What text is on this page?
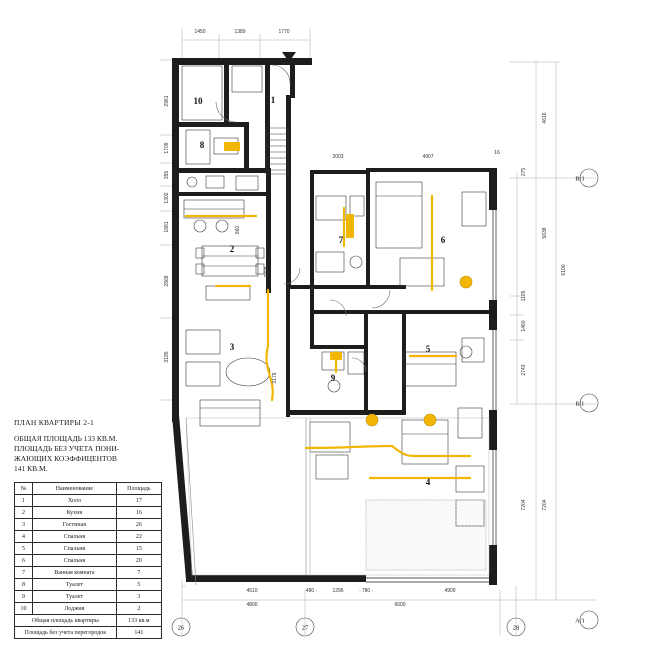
1
2
3
4
5
6
7
8
9
10
1450	1389	1770
2003	4907
16
4510	480	1296	780	4909
4800	6600
2961
1709
355
1302
1881
2868
3195
660
2808
3178
4616
275
5638
1105
1460
2743
6100
7204	7204
В/1
Б/1
А/1
26	27	28
ПЛАН КВАРТИРЫ 2-1
ОБЩАЯ ПЛОЩАДЬ 133 КВ.М.
ПЛОЩАДЬ БЕЗ УЧЕТА ПОНИ-
ЖАЮЩИХ КОЭФФИЦЕНТОВ
141 КВ.М.
№	Наименование	Площадь
1	Холл	17
2	Кухня	16
3	Гостиная	26
4	Спальня	22
5	Спальня	15
6	Спальня	20
7	Ванная комната	7
8	Туалет	5
9	Туалет	3
10	Лоджия	2
Общая площадь квартиры		133 кв.м
Площадь без учета перегородок		141
